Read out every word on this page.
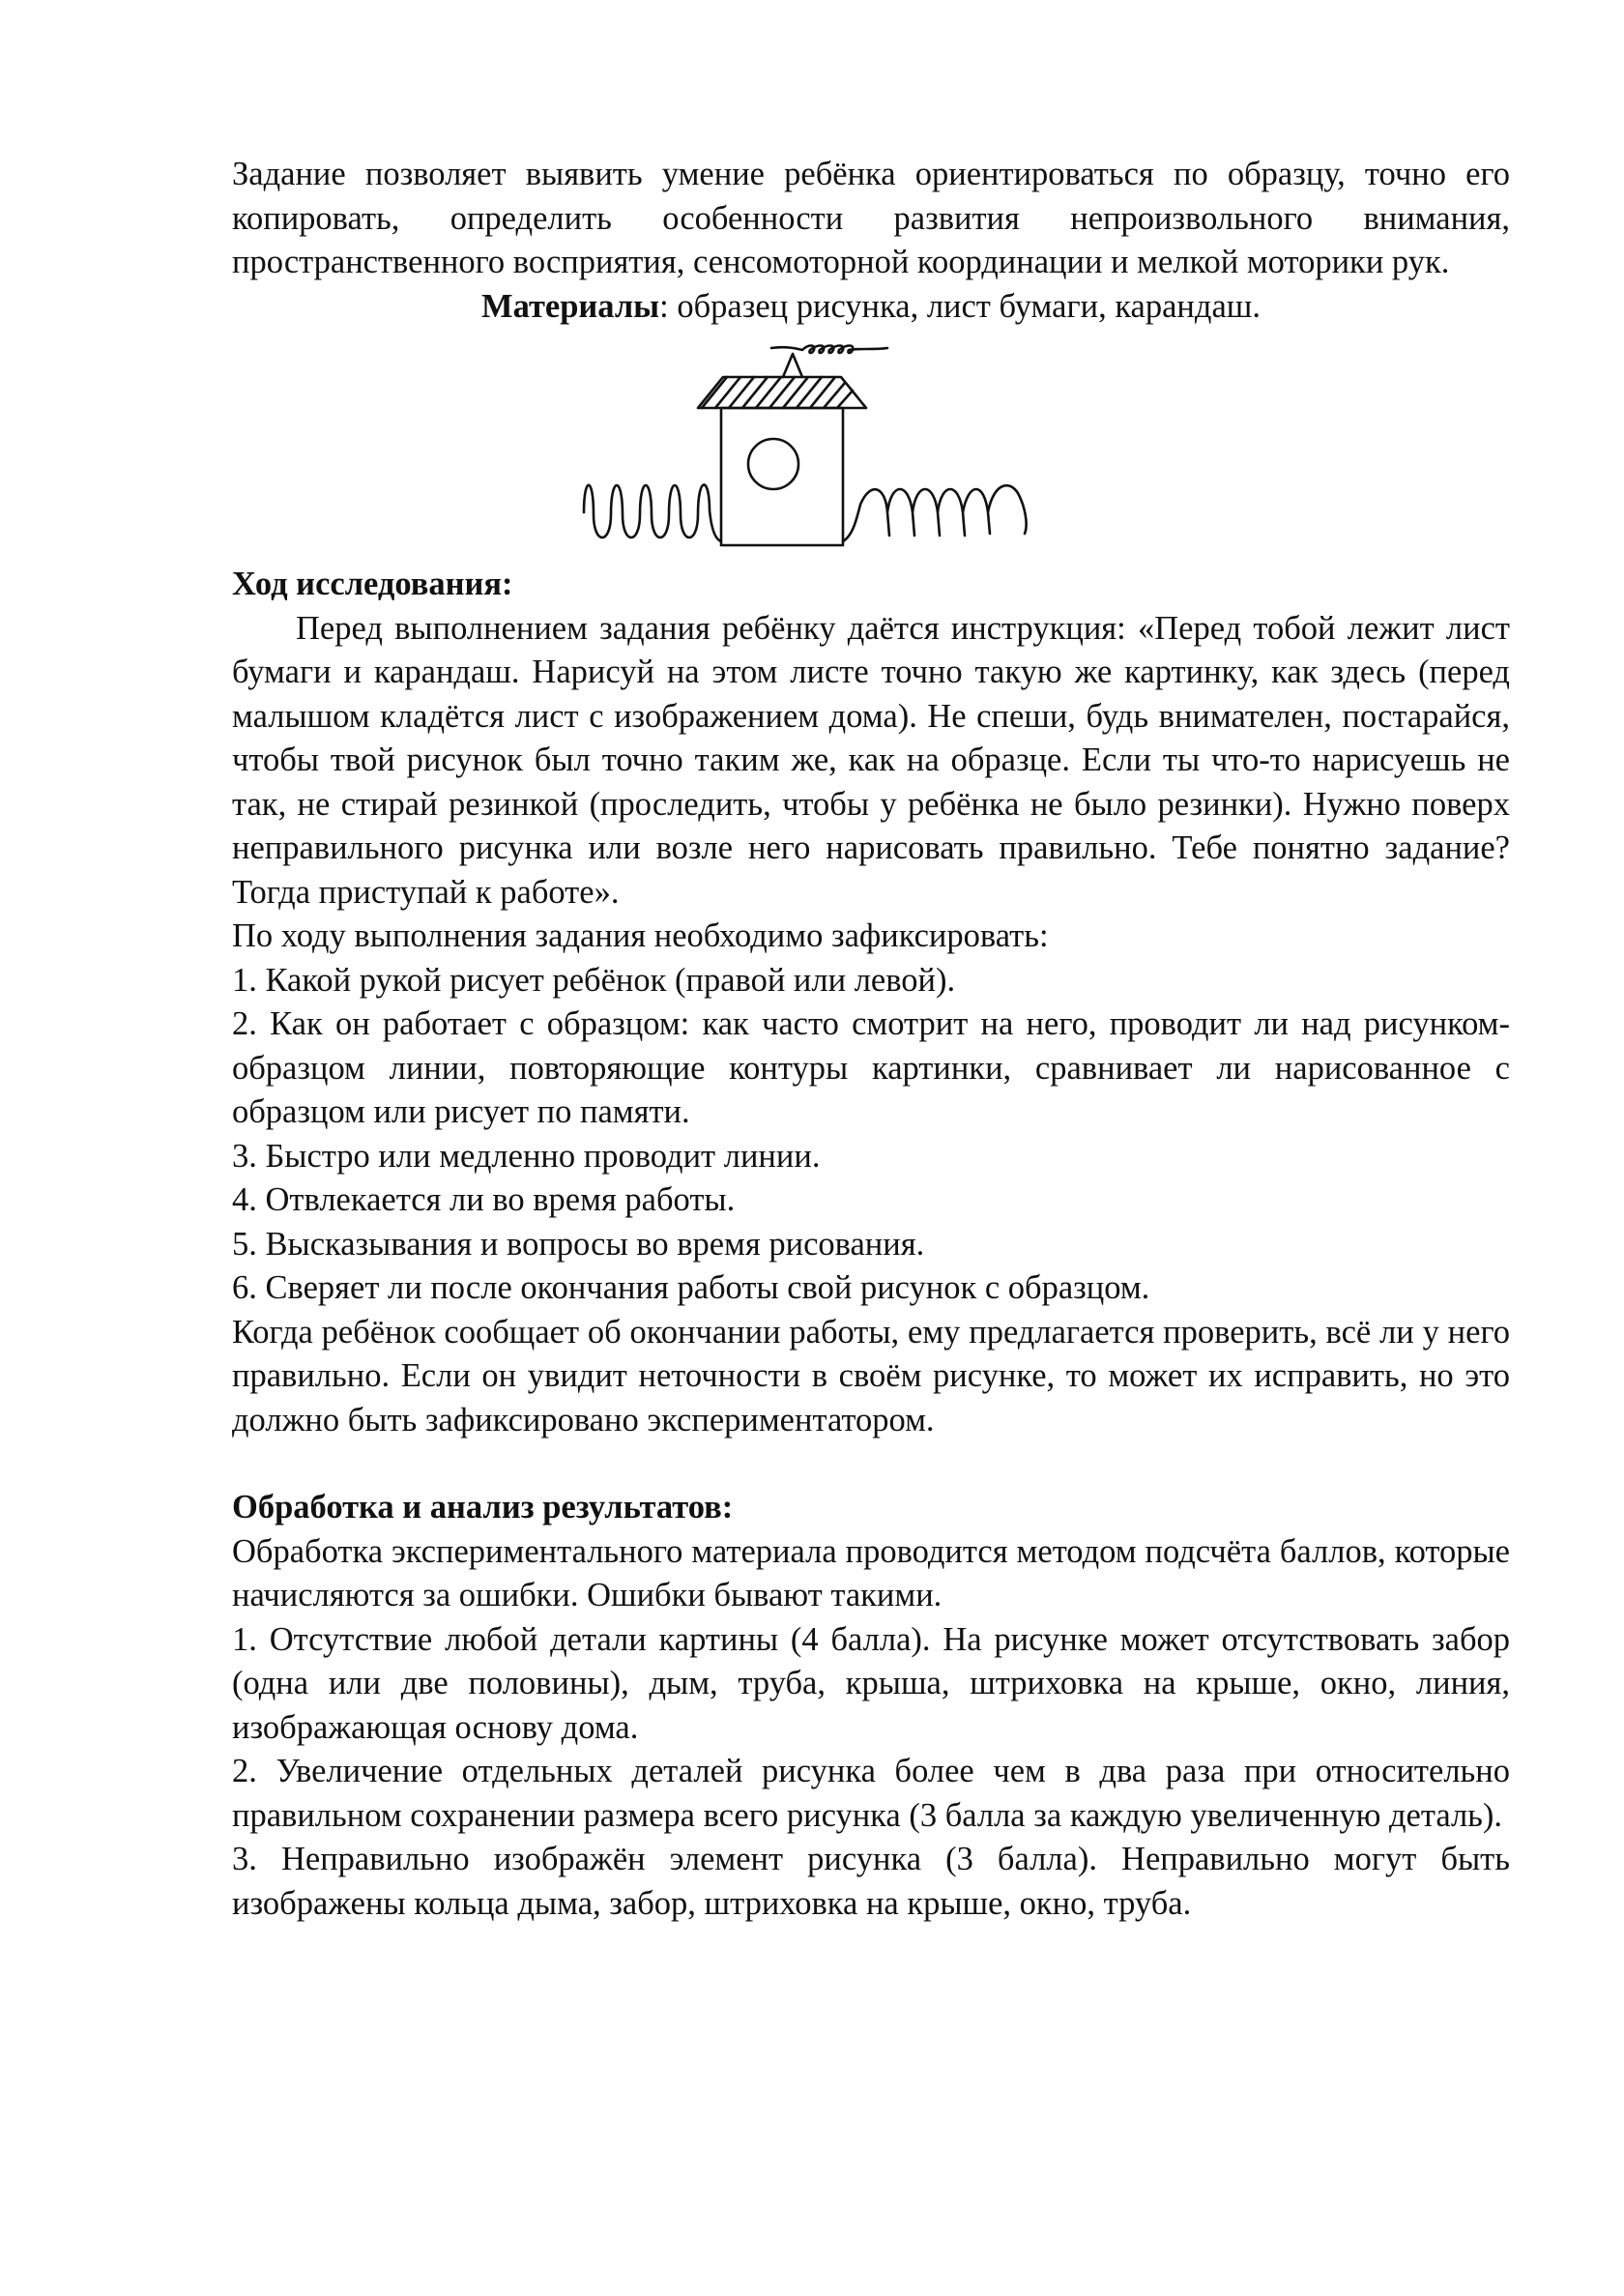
Задание позволяет выявить умение ребёнка ориентироваться по образцу, точно его копировать, определить особенности развития непроизвольного внимания, пространственного восприятия, сенсомоторной координации и мелкой моторики рук.

Материалы: образец рисунка, лист бумаги, карандаш.

Ход исследования:

Перед выполнением задания ребёнку даётся инструкция: «Перед тобой лежит лист бумаги и карандаш. Нарисуй на этом листе точно такую же картинку, как здесь (перед малышом кладётся лист с изображением дома). Не спеши, будь внимателен, постарайся, чтобы твой рисунок был точно таким же, как на образце. Если ты что-то нарисуешь не так, не стирай резинкой (проследить, чтобы у ребёнка не было резинки). Нужно поверх неправильного рисунка или возле него нарисовать правильно. Тебе понятно задание? Тогда приступай к работе».

По ходу выполнения задания необходимо зафиксировать:

1. Какой рукой рисует ребёнок (правой или левой).

2. Как он работает с образцом: как часто смотрит на него, проводит ли над рисунком-образцом линии, повторяющие контуры картинки, сравнивает ли нарисованное с образцом или рисует по памяти.

3. Быстро или медленно проводит линии.

4. Отвлекается ли во время работы.

5. Высказывания и вопросы во время рисования.

6. Сверяет ли после окончания работы свой рисунок с образцом.

Когда ребёнок сообщает об окончании работы, ему предлагается проверить, всё ли у него правильно. Если он увидит неточности в своём рисунке, то может их исправить, но это должно быть зафиксировано экспериментатором.

Обработка и анализ результатов:

Обработка экспериментального материала проводится методом подсчёта баллов, которые начисляются за ошибки. Ошибки бывают такими.

1. Отсутствие любой детали картины (4 балла). На рисунке может отсутствовать забор (одна или две половины), дым, труба, крыша, штриховка на крыше, окно, линия, изображающая основу дома.

2. Увеличение отдельных деталей рисунка более чем в два раза при относительно правильном сохранении размера всего рисунка (3 балла за каждую увеличенную деталь).

3. Неправильно изображён элемент рисунка (3 балла). Неправильно могут быть изображены кольца дыма, забор, штриховка на крыше, окно, труба.
